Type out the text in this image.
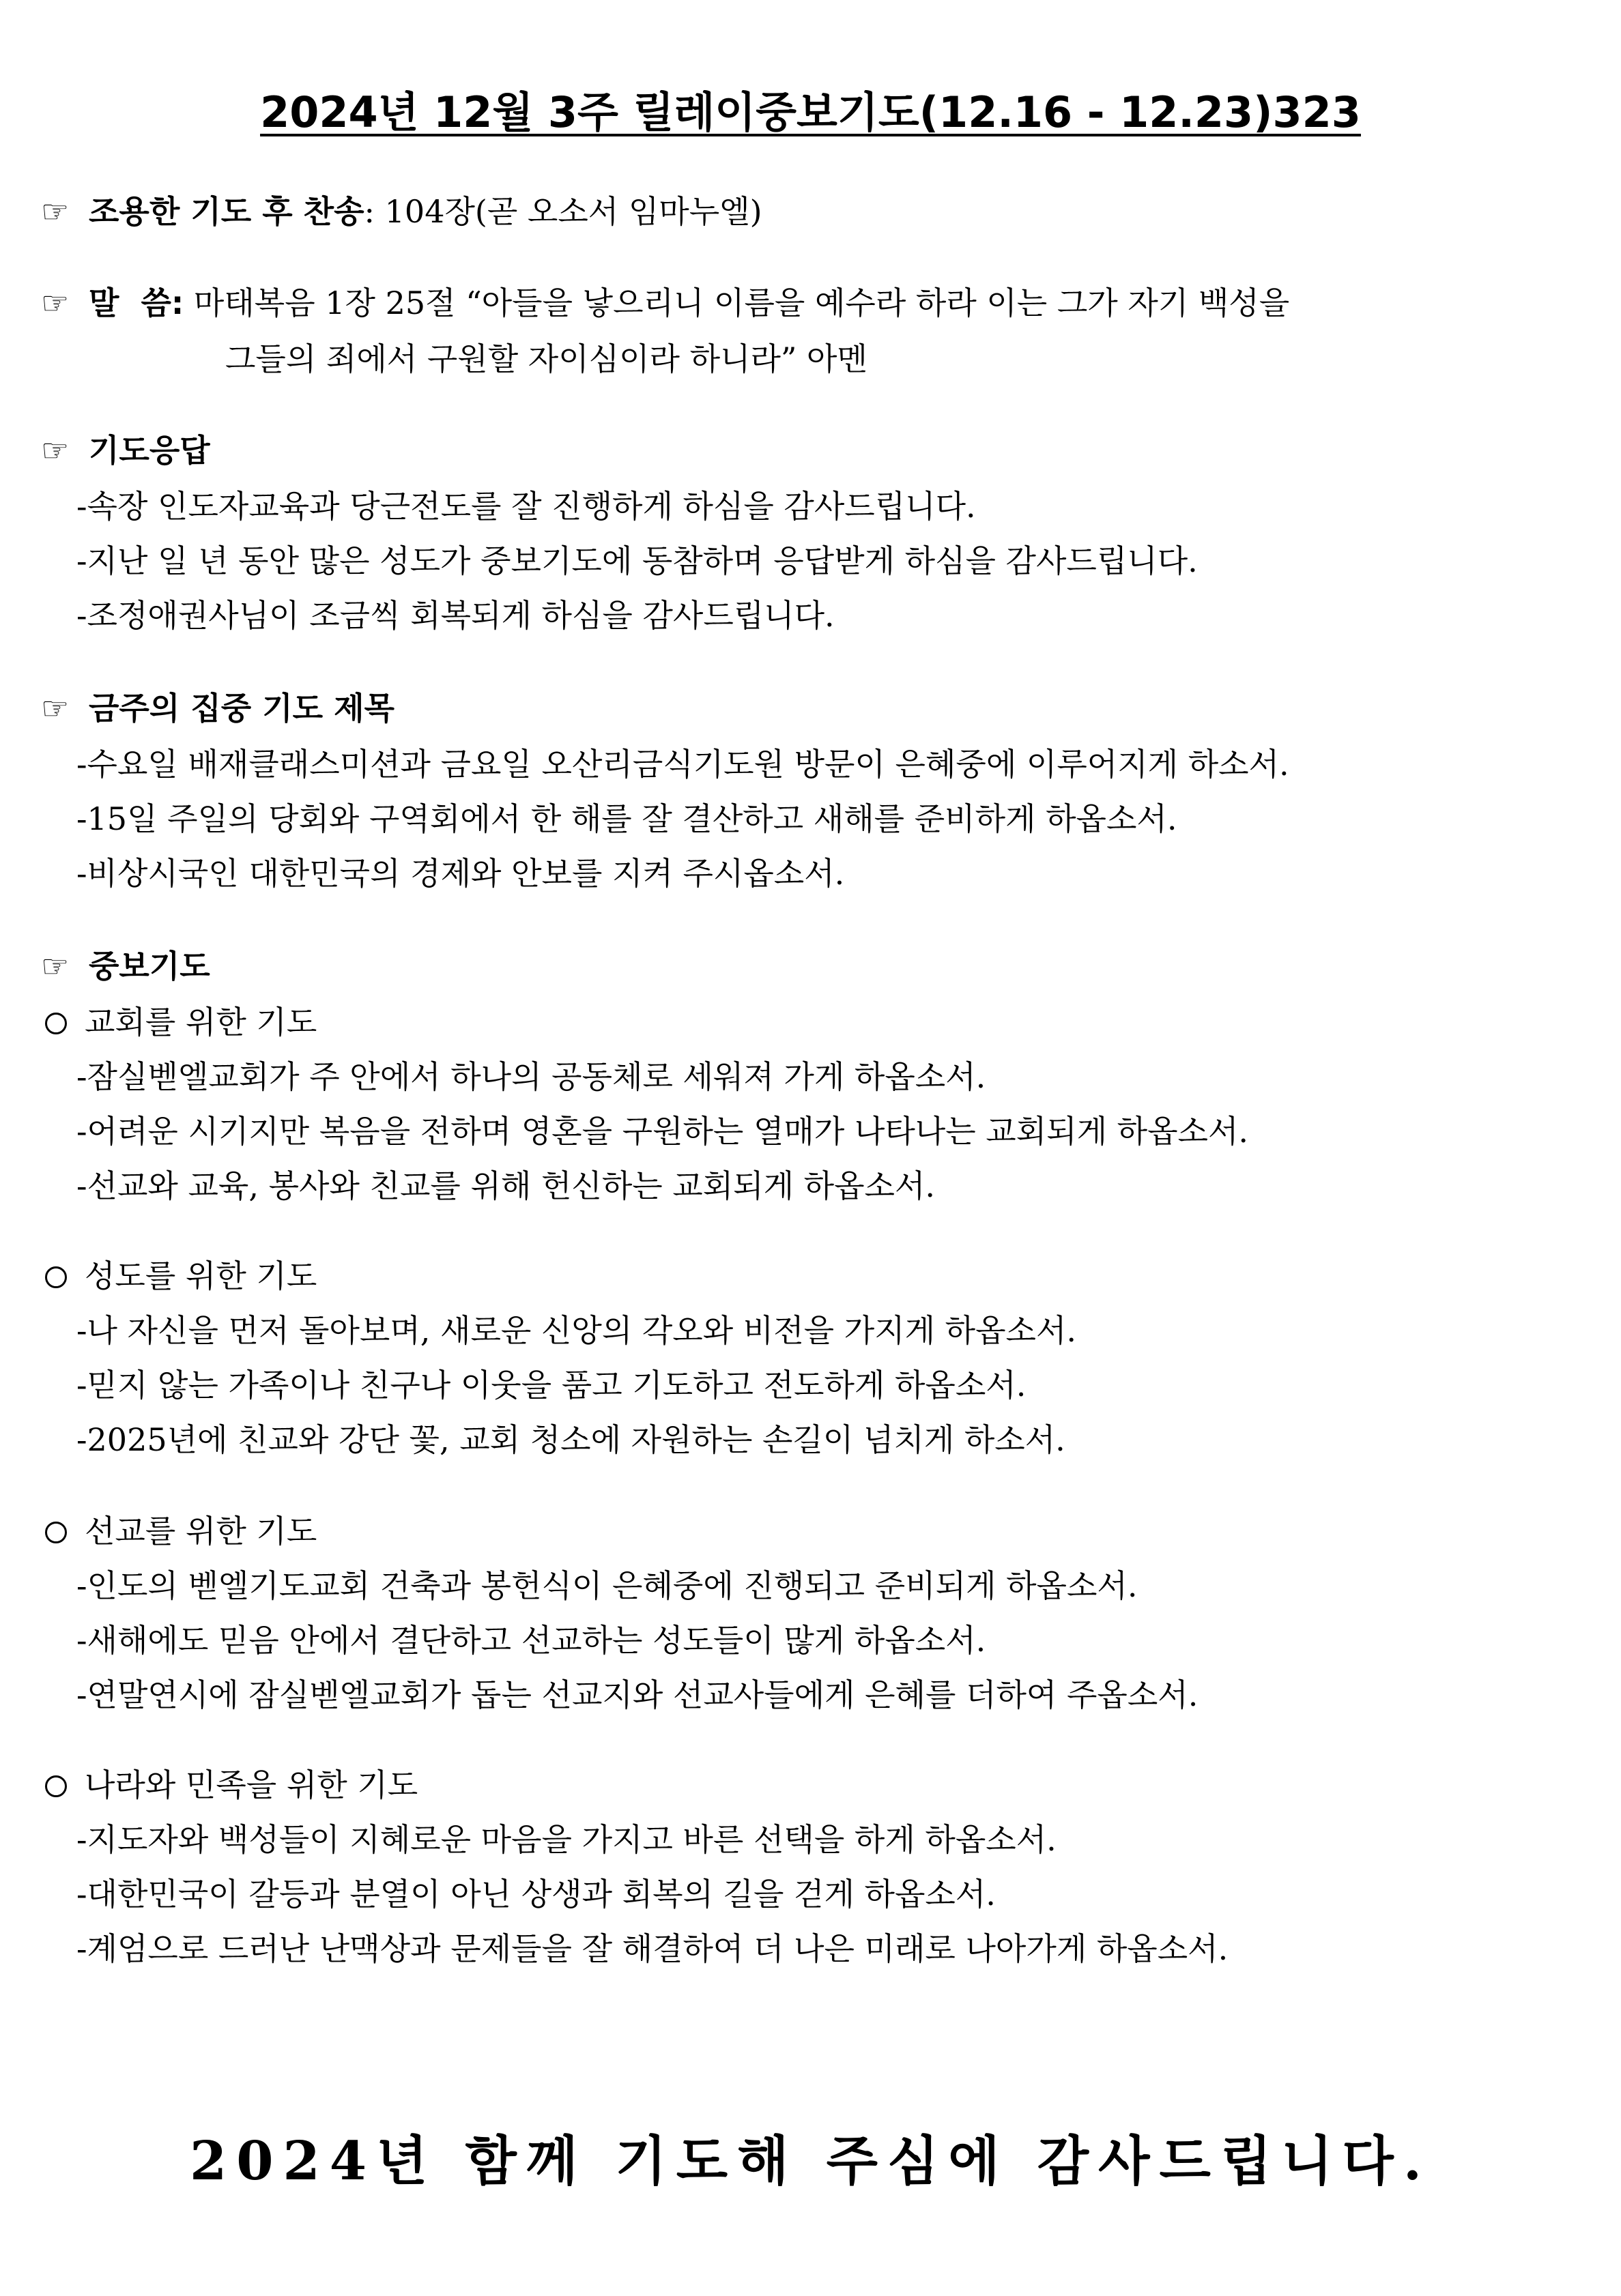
2024년 12월 3주 릴레이중보기도(12.16 - 12.23)323
☞ 조용한 기도 후 찬송: 104장(곧 오소서 임마누엘)
☞ 말  씀: 마태복음 1장 25절 “아들을 낳으리니 이름을 예수라 하라 이는 그가 자기 백성을
그들의 죄에서 구원할 자이심이라 하니라” 아멘
☞ 기도응답
-속장 인도자교육과 당근전도를 잘 진행하게 하심을 감사드립니다.
-지난 일 년 동안 많은 성도가 중보기도에 동참하며 응답받게 하심을 감사드립니다.
-조정애권사님이 조금씩 회복되게 하심을 감사드립니다.
☞ 금주의 집중 기도 제목
-수요일 배재클래스미션과 금요일 오산리금식기도원 방문이 은혜중에 이루어지게 하소서.
-15일 주일의 당회와 구역회에서 한 해를 잘 결산하고 새해를 준비하게 하옵소서.
-비상시국인 대한민국의 경제와 안보를 지켜 주시옵소서.
☞ 중보기도
교회를 위한 기도
-잠실벧엘교회가 주 안에서 하나의 공동체로 세워져 가게 하옵소서.
-어려운 시기지만 복음을 전하며 영혼을 구원하는 열매가 나타나는 교회되게 하옵소서.
-선교와 교육, 봉사와 친교를 위해 헌신하는 교회되게 하옵소서.
성도를 위한 기도
-나 자신을 먼저 돌아보며, 새로운 신앙의 각오와 비전을 가지게 하옵소서.
-믿지 않는 가족이나 친구나 이웃을 품고 기도하고 전도하게 하옵소서.
-2025년에 친교와 강단 꽃, 교회 청소에 자원하는 손길이 넘치게 하소서.
선교를 위한 기도
-인도의 벧엘기도교회 건축과 봉헌식이 은혜중에 진행되고 준비되게 하옵소서.
-새해에도 믿음 안에서 결단하고 선교하는 성도들이 많게 하옵소서.
-연말연시에 잠실벧엘교회가 돕는 선교지와 선교사들에게 은혜를 더하여 주옵소서.
나라와 민족을 위한 기도
-지도자와 백성들이 지혜로운 마음을 가지고 바른 선택을 하게 하옵소서.
-대한민국이 갈등과 분열이 아닌 상생과 회복의 길을 걷게 하옵소서.
-계엄으로 드러난 난맥상과 문제들을 잘 해결하여 더 나은 미래로 나아가게 하옵소서.
2024년 함께 기도해 주심에 감사드립니다.
